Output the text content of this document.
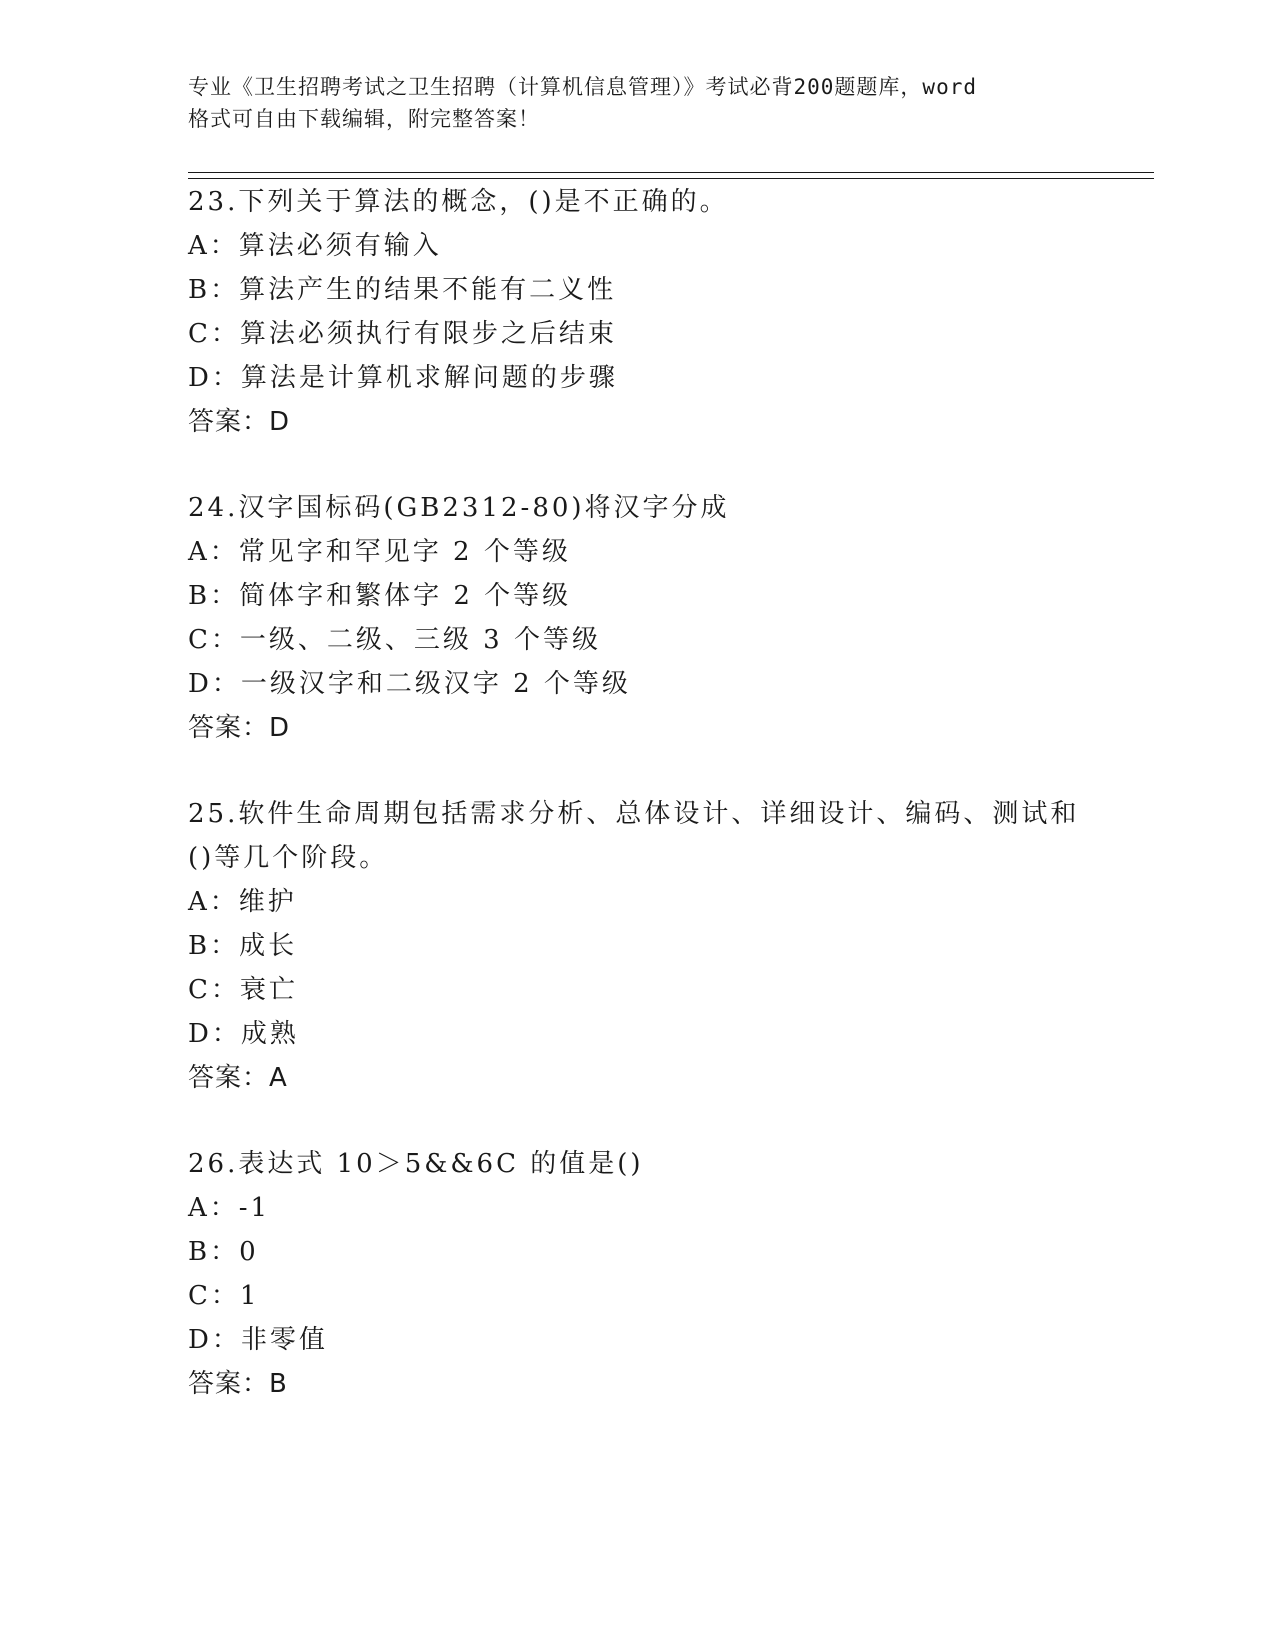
专业《卫生招聘考试之卫生招聘（计算机信息管理）》考试必背200题题库，word
格式可自由下载编辑，附完整答案！
23.下列关于算法的概念，()是不正确的。
A：算法必须有输入
B：算法产生的结果不能有二义性
C：算法必须执行有限步之后结束
D：算法是计算机求解问题的步骤
答案：D
24.汉字国标码(GB2312-80)将汉字分成
A：常见字和罕见字 2 个等级
B：简体字和繁体字 2 个等级
C：一级、二级、三级 3 个等级
D：一级汉字和二级汉字 2 个等级
答案：D
25.软件生命周期包括需求分析、总体设计、详细设计、编码、测试和
()等几个阶段。
A：维护
B：成长
C：衰亡
D：成熟
答案：A
26.表达式 10＞5&&6C 的值是()
A：-1
B：0
C：1
D：非零值
答案：B
